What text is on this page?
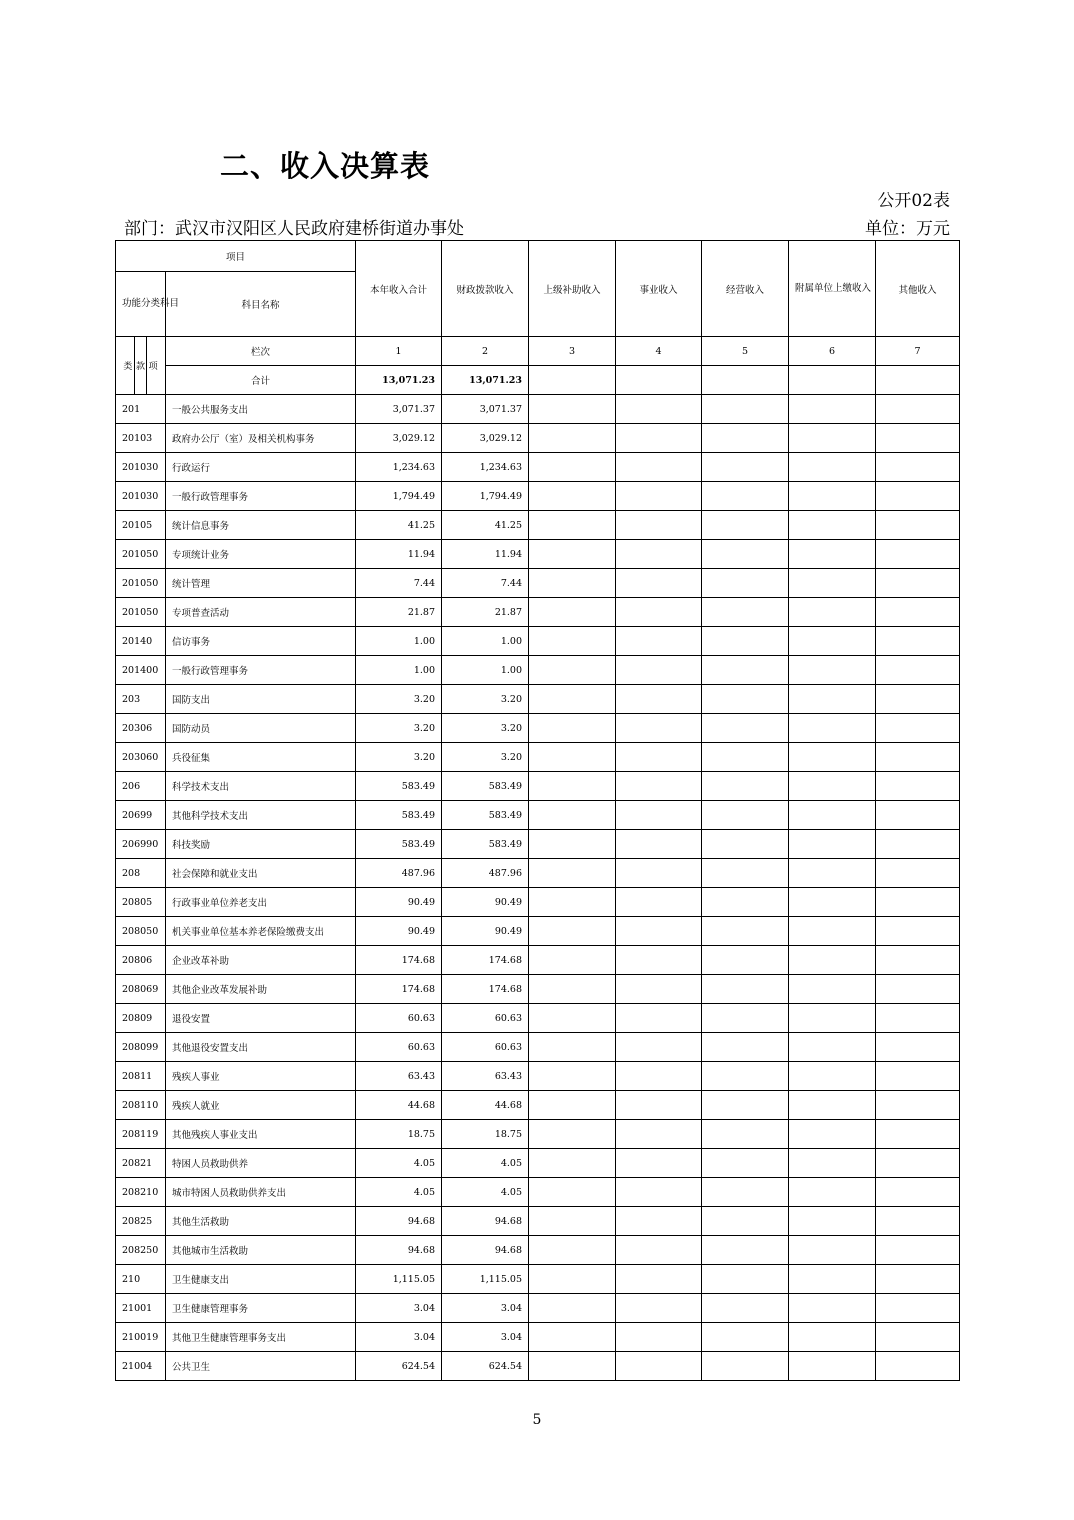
二、收入决算表
公开02表
部门：武汉市汉阳区人民政府建桥街道办事处	单位：万元
项目		本年收入合计	财政拨款收入	上级补助收入	事业收入	经营收入	附属单位上缴收入	其他收入
功能分类科目	科目名称							

类 款 项	栏次	1	2	3	4	5	6	7
	合计	13,071.23	13,071.23					
201	一般公共服务支出	3,071.37	3,071.37					
20103	政府办公厅（室）及相关机构事务	3,029.12	3,029.12					
201030	行政运行	1,234.63	1,234.63					
201030	一般行政管理事务	1,794.49	1,794.49					
20105	统计信息事务	41.25	41.25					
201050	专项统计业务	11.94	11.94					
201050	统计管理	7.44	7.44					
201050	专项普查活动	21.87	21.87					
20140	信访事务	1.00	1.00					
201400	一般行政管理事务	1.00	1.00					
203	国防支出	3.20	3.20					
20306	国防动员	3.20	3.20					
203060	兵役征集	3.20	3.20					
206	科学技术支出	583.49	583.49					
20699	其他科学技术支出	583.49	583.49					
206990	科技奖励	583.49	583.49					
208	社会保障和就业支出	487.96	487.96					
20805	行政事业单位养老支出	90.49	90.49					
208050	机关事业单位基本养老保险缴费支出	90.49	90.49					
20806	企业改革补助	174.68	174.68					
208069	其他企业改革发展补助	174.68	174.68					
20809	退役安置	60.63	60.63					
208099	其他退役安置支出	60.63	60.63					
20811	残疾人事业	63.43	63.43					
208110	残疾人就业	44.68	44.68					
208119	其他残疾人事业支出	18.75	18.75					
20821	特困人员救助供养	4.05	4.05					
208210	城市特困人员救助供养支出	4.05	4.05					
20825	其他生活救助	94.68	94.68					
208250	其他城市生活救助	94.68	94.68					
210	卫生健康支出	1,115.05	1,115.05					
21001	卫生健康管理事务	3.04	3.04					
210019	其他卫生健康管理事务支出	3.04	3.04					
21004	公共卫生	624.54	624.54					
5
